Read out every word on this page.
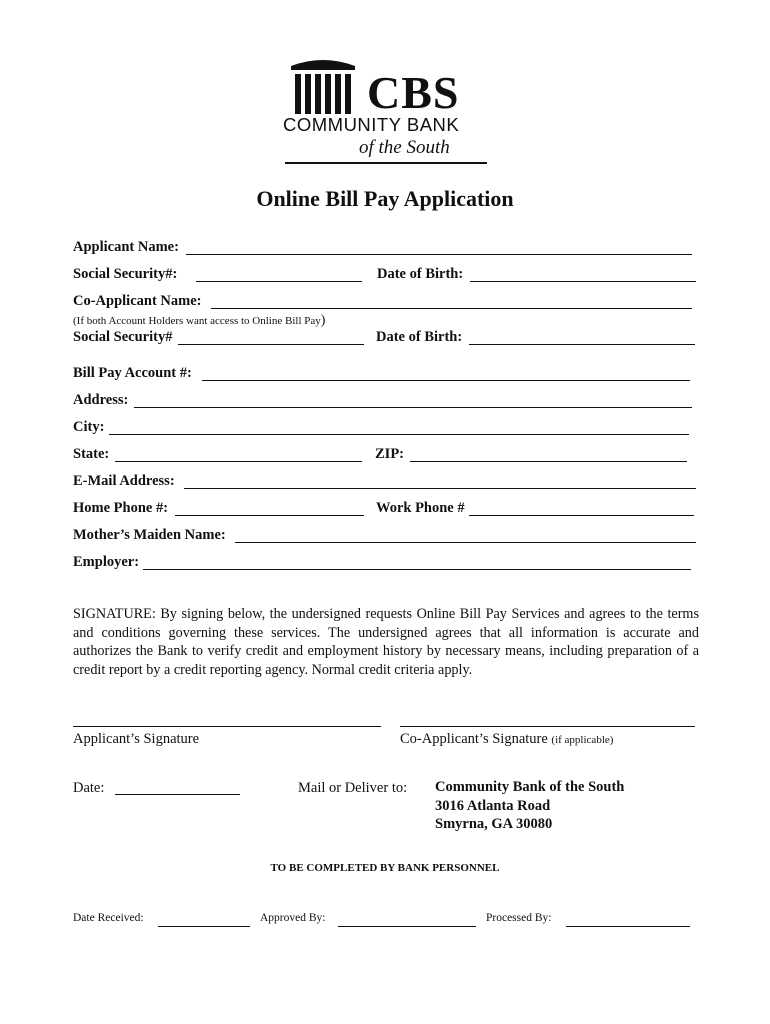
CBS
COMMUNITY BANK
of the South
Online Bill Pay Application
Applicant Name:
Social Security#:	Date of Birth:
Co-Applicant Name:
(If both Account Holders want access to Online Bill Pay)
Social Security#	Date of Birth:
Bill Pay Account #:
Address:
City:
State:	ZIP:
E-Mail Address:
Home Phone #:	Work Phone #
Mother’s Maiden Name:
Employer:
SIGNATURE: By signing below, the undersigned requests Online Bill Pay Services and agrees to the terms and conditions governing these services. The undersigned agrees that all information is accurate and authorizes the Bank to verify credit and employment history by necessary means, including preparation of a credit report by a credit reporting agency. Normal credit criteria apply.
Applicant’s Signature	Co-Applicant’s Signature (if applicable)
Date:	Mail or Deliver to: Community Bank of the South
3016 Atlanta Road
Smyrna, GA 30080
TO BE COMPLETED BY BANK PERSONNEL
Date Received:	Approved By:	Processed By:
